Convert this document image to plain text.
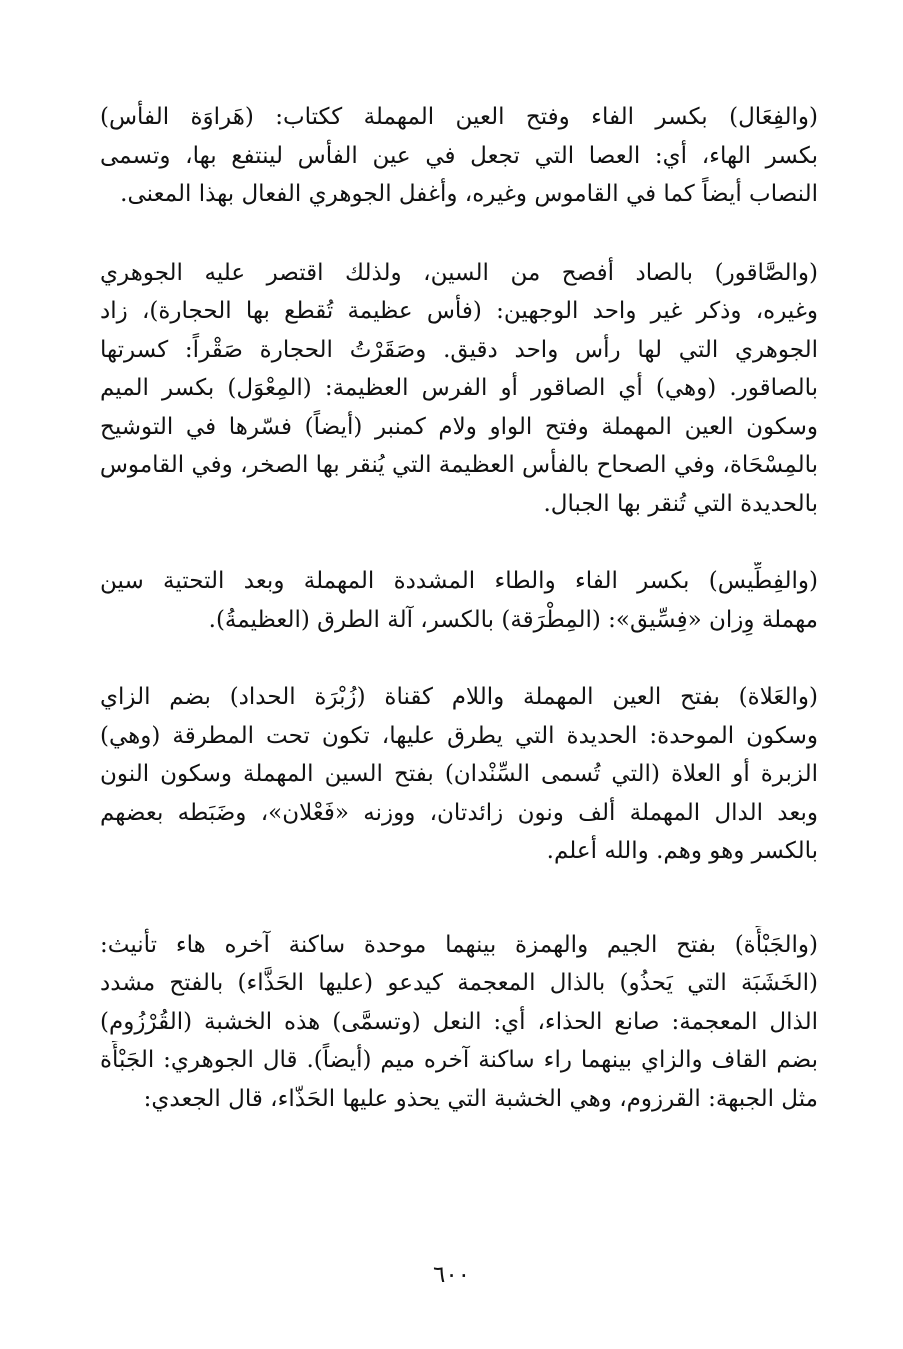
(والفِعَال) بكسر الفاء وفتح العين المهملة ككتاب: (هَراوَة الفأس)
بكسر الهاء، أي: العصا التي تجعل في عين الفأس لينتفع بها، وتسمى
النصاب أيضاً كما في القاموس وغيره، وأغفل الجوهري الفعال بهذا المعنى.
(والصَّاقور) بالصاد أفصح من السين، ولذلك اقتصر عليه الجوهري
وغيره، وذكر غير واحد الوجهين: (فأس عظيمة تُقطع بها الحجارة)، زاد
الجوهري التي لها رأس واحد دقيق. وصَقَرْتُ الحجارة صَقْراً: كسرتها
بالصاقور. (وهي) أي الصاقور أو الفرس العظيمة: (المِعْوَل) بكسر الميم
وسكون العين المهملة وفتح الواو ولام كمنبر (أيضاً) فسّرها في التوشيح
بالمِسْحَاة، وفي الصحاح بالفأس العظيمة التي يُنقر بها الصخر، وفي القاموس
بالحديدة التي تُنقر بها الجبال.
(والفِطِّيس) بكسر الفاء والطاء المشددة المهملة وبعد التحتية سين
مهملة وِزان «فِسِّيق»: (المِطْرَقة) بالكسر، آلة الطرق (العظيمةُ).
(والعَلاة) بفتح العين المهملة واللام كقناة (زُبْرَة الحداد) بضم الزاي
وسكون الموحدة: الحديدة التي يطرق عليها، تكون تحت المطرقة (وهي)
الزبرة أو العلاة (التي تُسمى السِّنْدان) بفتح السين المهملة وسكون النون
وبعد الدال المهملة ألف ونون زائدتان، ووزنه «فَعْلان»، وضَبَطه بعضهم
بالكسر وهو وهم. والله أعلم.
(والجَبْأَة) بفتح الجيم والهمزة بينهما موحدة ساكنة آخره هاء تأنيث:
(الخَشَبَة التي يَحذُو) بالذال المعجمة كيدعو (عليها الحَذَّاء) بالفتح مشدد
الذال المعجمة: صانع الحذاء، أي: النعل (وتسمَّى) هذه الخشبة (القُرْزُوم)
بضم القاف والزاي بينهما راء ساكنة آخره ميم (أيضاً). قال الجوهري: الجَبْأَة
مثل الجبهة: القرزوم، وهي الخشبة التي يحذو عليها الحَذّاء، قال الجعدي:
٦٠٠
